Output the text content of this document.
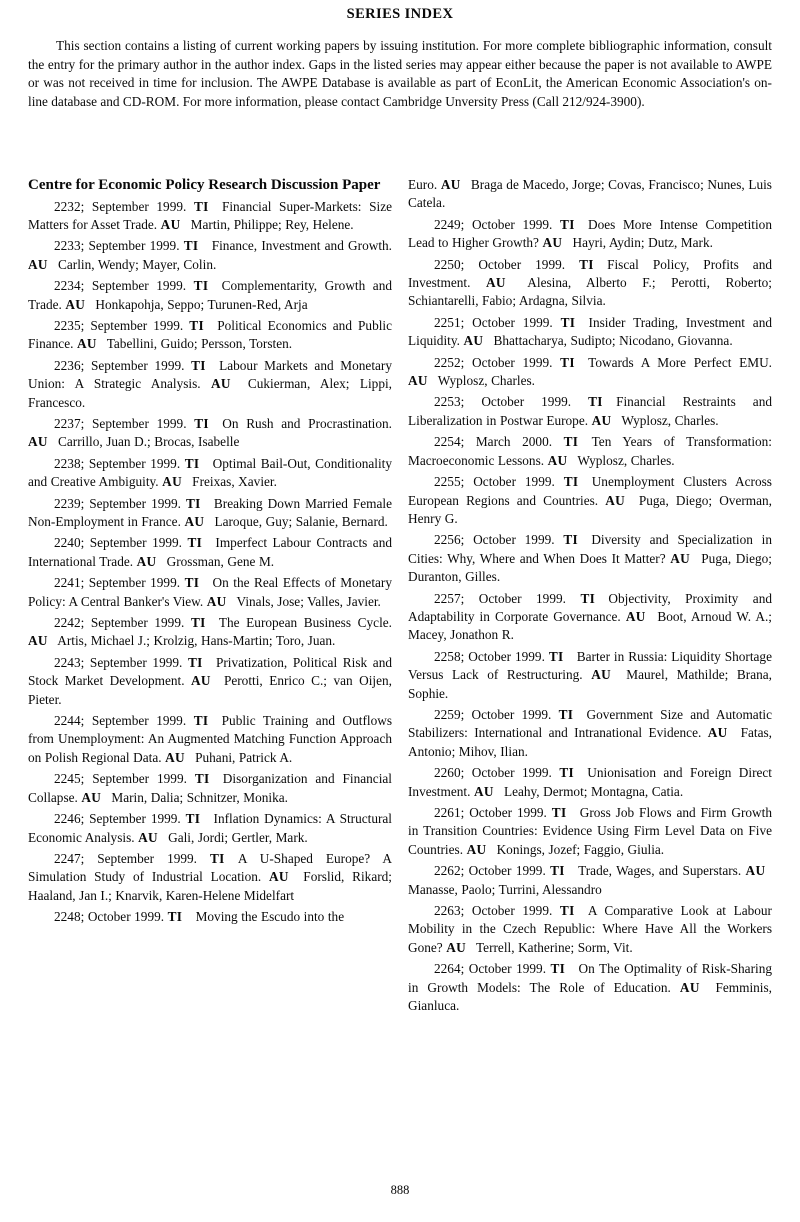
SERIES INDEX

This section contains a listing of current working papers by issuing institution. For more complete bibliographic information, consult the entry for the primary author in the author index. Gaps in the listed series may appear either because the paper is not available to AWPE or was not received in time for inclusion. The AWPE Database is available as part of EconLit, the American Economic Association's on-line database and CD-ROM. For more information, please contact Cambridge Unversity Press (Call 212/924-3900).

Centre for Economic Policy Research Discussion Paper

2232; September 1999. TI  Financial Super-Markets: Size Matters for Asset Trade. AU  Martin, Philippe; Rey, Helene.

2233; September 1999. TI  Finance, Investment and Growth. AU  Carlin, Wendy; Mayer, Colin.

2234; September 1999. TI  Complementarity, Growth and Trade. AU  Honkapohja, Seppo; Turunen-Red, Arja

2235; September 1999. TI  Political Economics and Public Finance. AU  Tabellini, Guido; Persson, Torsten.

2236; September 1999. TI  Labour Markets and Monetary Union: A Strategic Analysis. AU  Cukierman, Alex; Lippi, Francesco.

2237; September 1999. TI  On Rush and Procrastination. AU  Carrillo, Juan D.; Brocas, Isabelle

2238; September 1999. TI  Optimal Bail-Out, Conditionality and Creative Ambiguity. AU  Freixas, Xavier.

2239; September 1999. TI  Breaking Down Married Female Non-Employment in France. AU  Laroque, Guy; Salanie, Bernard.

2240; September 1999. TI  Imperfect Labour Contracts and International Trade. AU  Grossman, Gene M.

2241; September 1999. TI  On the Real Effects of Monetary Policy: A Central Banker's View. AU  Vinals, Jose; Valles, Javier.

2242; September 1999. TI  The European Business Cycle. AU  Artis, Michael J.; Krolzig, Hans-Martin; Toro, Juan.

2243; September 1999. TI  Privatization, Political Risk and Stock Market Development. AU  Perotti, Enrico C.; van Oijen, Pieter.

2244; September 1999. TI  Public Training and Outflows from Unemployment: An Augmented Matching Function Approach on Polish Regional Data. AU  Puhani, Patrick A.

2245; September 1999. TI  Disorganization and Financial Collapse. AU  Marin, Dalia; Schnitzer, Monika.

2246; September 1999. TI  Inflation Dynamics: A Structural Economic Analysis. AU  Gali, Jordi; Gertler, Mark.

2247; September 1999. TI  A U-Shaped Europe? A Simulation Study of Industrial Location. AU  Forslid, Rikard; Haaland, Jan I.; Knarvik, Karen-Helene Midelfart

2248; October 1999. TI  Moving the Escudo into the

Euro. AU  Braga de Macedo, Jorge; Covas, Francisco; Nunes, Luis Catela.

2249; October 1999. TI  Does More Intense Competition Lead to Higher Growth? AU  Hayri, Aydin; Dutz, Mark.

2250; October 1999. TI  Fiscal Policy, Profits and Investment. AU  Alesina, Alberto F.; Perotti, Roberto; Schiantarelli, Fabio; Ardagna, Silvia.

2251; October 1999. TI  Insider Trading, Investment and Liquidity. AU  Bhattacharya, Sudipto; Nicodano, Giovanna.

2252; October 1999. TI  Towards A More Perfect EMU. AU  Wyplosz, Charles.

2253; October 1999. TI  Financial Restraints and Liberalization in Postwar Europe. AU  Wyplosz, Charles.

2254; March 2000. TI  Ten Years of Transformation: Macroeconomic Lessons. AU  Wyplosz, Charles.

2255; October 1999. TI  Unemployment Clusters Across European Regions and Countries. AU  Puga, Diego; Overman, Henry G.

2256; October 1999. TI  Diversity and Specialization in Cities: Why, Where and When Does It Matter? AU  Puga, Diego; Duranton, Gilles.

2257; October 1999. TI  Objectivity, Proximity and Adaptability in Corporate Governance. AU  Boot, Arnoud W. A.; Macey, Jonathon R.

2258; October 1999. TI  Barter in Russia: Liquidity Shortage Versus Lack of Restructuring. AU  Maurel, Mathilde; Brana, Sophie.

2259; October 1999. TI  Government Size and Automatic Stabilizers: International and Intranational Evidence. AU  Fatas, Antonio; Mihov, Ilian.

2260; October 1999. TI  Unionisation and Foreign Direct Investment. AU  Leahy, Dermot; Montagna, Catia.

2261; October 1999. TI  Gross Job Flows and Firm Growth in Transition Countries: Evidence Using Firm Level Data on Five Countries. AU  Konings, Jozef; Faggio, Giulia.

2262; October 1999. TI  Trade, Wages, and Superstars. AU  Manasse, Paolo; Turrini, Alessandro

2263; October 1999. TI  A Comparative Look at Labour Mobility in the Czech Republic: Where Have All the Workers Gone? AU  Terrell, Katherine; Sorm, Vit.

2264; October 1999. TI  On The Optimality of Risk-Sharing in Growth Models: The Role of Education. AU  Femminis, Gianluca.

888
